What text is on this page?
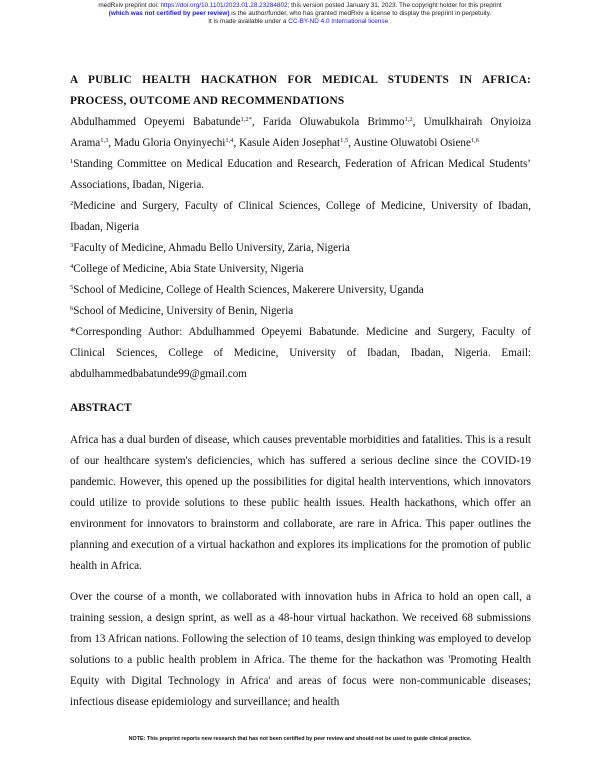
medRxiv preprint doi: https://doi.org/10.1101/2023.01.28.23284802; this version posted January 31, 2023. The copyright holder for this preprint
(which was not certified by peer review) is the author/funder, who has granted medRxiv a license to display the preprint in perpetuity.
It is made available under a CC-BY-ND 4.0 International license .

A PUBLIC HEALTH HACKATHON FOR MEDICAL STUDENTS IN AFRICA: PROCESS, OUTCOME AND RECOMMENDATIONS

Abdulhammed Opeyemi Babatunde$^{1,2*}$, Farida Oluwabukola Brimmo$^{1,2}$, Umulkhairah Onyioiza Arama$^{1,3}$, Madu Gloria Onyinyechi$^{1,4}$, Kasule Aiden Josephat$^{1,5}$, Austine Oluwatobi Osiene$^{1,6}$

$^1$Standing Committee on Medical Education and Research, Federation of African Medical Students’ Associations, Ibadan, Nigeria.

$^2$Medicine and Surgery, Faculty of Clinical Sciences, College of Medicine, University of Ibadan, Ibadan, Nigeria

$^3$Faculty of Medicine, Ahmadu Bello University, Zaria, Nigeria

$^4$College of Medicine, Abia State University, Nigeria

$^5$School of Medicine, College of Health Sciences, Makerere University, Uganda

$^6$School of Medicine, University of Benin, Nigeria

*Corresponding Author: Abdulhammed Opeyemi Babatunde. Medicine and Surgery, Faculty of Clinical Sciences, College of Medicine, University of Ibadan, Ibadan, Nigeria. Email: abdulhammedbabatunde99@gmail.com

ABSTRACT

Africa has a dual burden of disease, which causes preventable morbidities and fatalities. This is a result of our healthcare system's deficiencies, which has suffered a serious decline since the COVID-19 pandemic. However, this opened up the possibilities for digital health interventions, which innovators could utilize to provide solutions to these public health issues. Health hackathons, which offer an environment for innovators to brainstorm and collaborate, are rare in Africa. This paper outlines the planning and execution of a virtual hackathon and explores its implications for the promotion of public health in Africa.

Over the course of a month, we collaborated with innovation hubs in Africa to hold an open call, a training session, a design sprint, as well as a 48-hour virtual hackathon. We received 68 submissions from 13 African nations. Following the selection of 10 teams, design thinking was employed to develop solutions to a public health problem in Africa. The theme for the hackathon was 'Promoting Health Equity with Digital Technology in Africa' and areas of focus were non-communicable diseases; infectious disease epidemiology and surveillance; and health

NOTE: This preprint reports new research that has not been certified by peer review and should not be used to guide clinical practice.
